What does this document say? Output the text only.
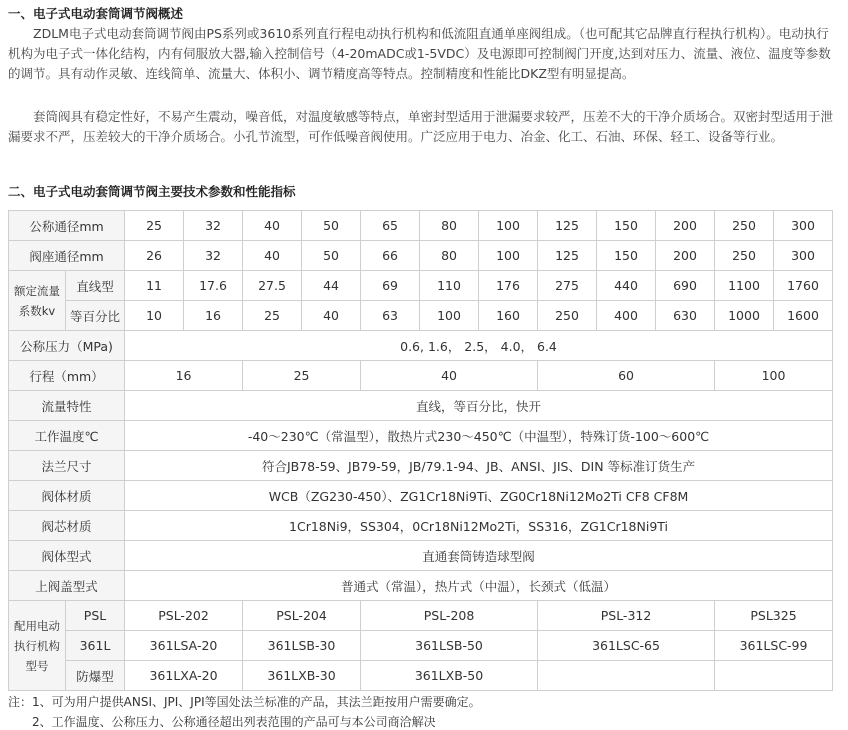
一、电子式电动套筒调节阀概述

ZDLM电子式电动套筒调节阀由PS系列或3610系列直行程电动执行机构和低流阻直通单座阀组成。（也可配其它品牌直行程执行机构）。电动执行机构为电子式一体化结构，内有伺服放大器,输入控制信号（4-20mADC或1-5VDC）及电源即可控制阀门开度,达到对压力、流量、液位、温度等参数的调节。具有动作灵敏、连线简单、流量大、体积小、调节精度高等特点。控制精度和性能比DKZ型有明显提高。

套筒阀具有稳定性好，不易产生震动，噪音低，对温度敏感等特点，单密封型适用于泄漏要求较严，压差不大的干净介质场合。双密封型适用于泄漏要求不严，压差较大的干净介质场合。小孔节流型，可作低噪音阀使用。广泛应用于电力、冶金、化工、石油、环保、轻工、设备等行业。

二、电子式电动套筒调节阀主要技术参数和性能指标
公称通径mm		25	32	40	50	65	80	100	125	150	200	250	300
阀座通径mm		26	32	40	50	66	80	100	125	150	200	250	300
额定流量系数kv	直线型	11	17.6	27.5	44	69	110	176	275	440	690	1100	1760
	等百分比	10	16	25	40	63	100	160	250	400	630	1000	1600
公称压力（MPa)		0.6, 1.6， 2.5， 4.0， 6.4											
行程（mm）		16		25		40			60			100	
流量特性		直线，等百分比，快开											
工作温度℃		-40～230℃（常温型），散热片式230～450℃（中温型），特殊订货-100～600℃											
法兰尺寸		符合JB78-59、JB79-59，JB/79.1-94、JB、ANSI、JIS、DIN 等标准订货生产											
阀体材质		WCB（ZG230-450）、ZG1Cr18Ni9Ti、ZG0Cr18Ni12Mo2Ti CF8 CF8M											
阀芯材质		1Cr18Ni9，SS304，0Cr18Ni12Mo2Ti，SS316，ZG1Cr18Ni9Ti											
阀体型式		直通套筒铸造球型阀											
上阀盖型式		普通式（常温），热片式（中温），长颈式（低温）											
配用电动执行机构型号	PSL	PSL-202		PSL-204		PSL-208			PSL-312			PSL325	
	361L	361LSA-20		361LSB-30		361LSB-50			361LSC-65			361LSC-99	
	防爆型	361LXA-20		361LXB-30		361LXB-50							
注：1、可为用户提供ANSI、JPI、JPI等国处法兰标准的产品，其法兰距按用户需要确定。
2、工作温度、公称压力、公称通径超出列表范围的产品可与本公司商洽解决
